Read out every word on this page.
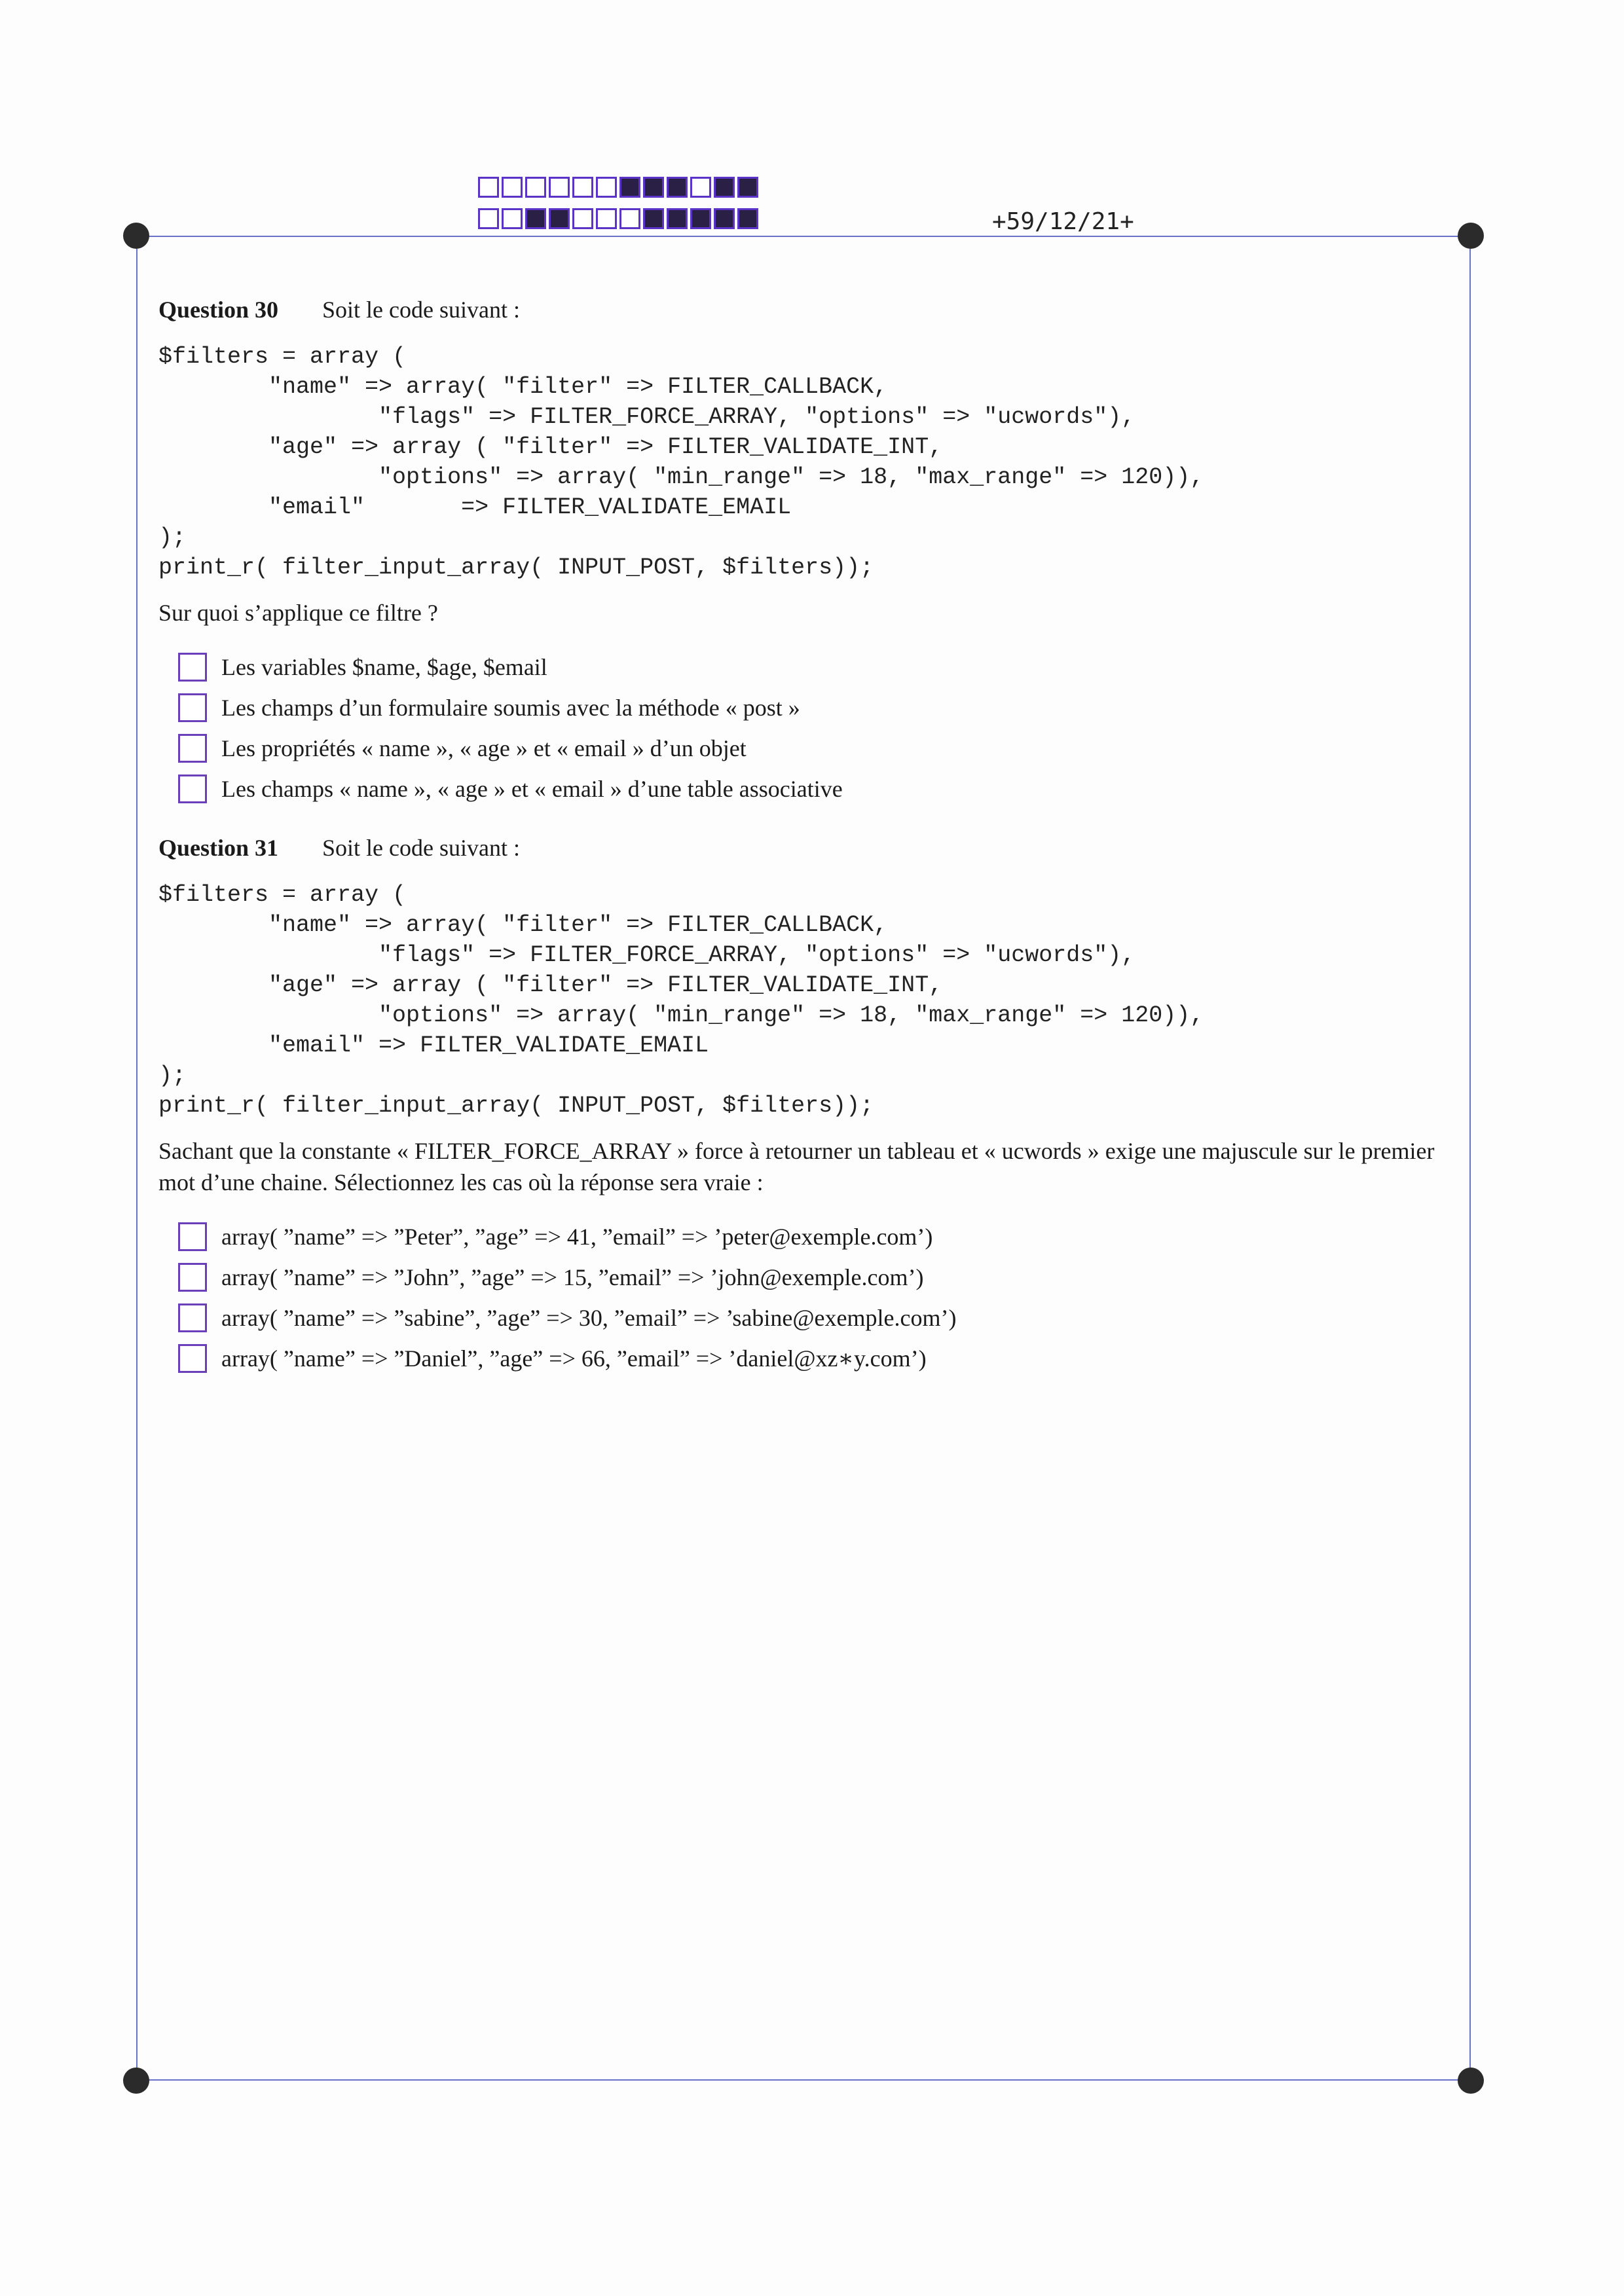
+59/12/21+
Question 30 Soit le code suivant :
$filters = array (
"name" => array( "filter" => FILTER_CALLBACK,
"flags" => FILTER_FORCE_ARRAY, "options" => "ucwords"),
"age" => array ( "filter" => FILTER_VALIDATE_INT,
"options" => array( "min_range" => 18, "max_range" => 120)),
"email"       => FILTER_VALIDATE_EMAIL
);
print_r( filter_input_array( INPUT_POST, $filters));
Sur quoi s’applique ce filtre ?
Les variables $name, $age, $email
Les champs d’un formulaire soumis avec la méthode « post »
Les propriétés « name », « age » et « email » d’un objet
Les champs « name », « age » et « email » d’une table associative
Question 31 Soit le code suivant :
$filters = array (
"name" => array( "filter" => FILTER_CALLBACK,
"flags" => FILTER_FORCE_ARRAY, "options" => "ucwords"),
"age" => array ( "filter" => FILTER_VALIDATE_INT,
"options" => array( "min_range" => 18, "max_range" => 120)),
"email" => FILTER_VALIDATE_EMAIL
);
print_r( filter_input_array( INPUT_POST, $filters));
Sachant que la constante « FILTER_FORCE_ARRAY » force à retourner un tableau et « ucwords » exige une majuscule sur le premier mot d’une chaine. Sélectionnez les cas où la réponse sera vraie :
array( ”name” => ”Peter”, ”age” => 41, ”email” => ’peter@exemple.com’)
array( ”name” => ”John”, ”age” => 15, ”email” => ’john@exemple.com’)
array( ”name” => ”sabine”, ”age” => 30, ”email” => ’sabine@exemple.com’)
array( ”name” => ”Daniel”, ”age” => 66, ”email” => ’daniel@xz∗y.com’)
